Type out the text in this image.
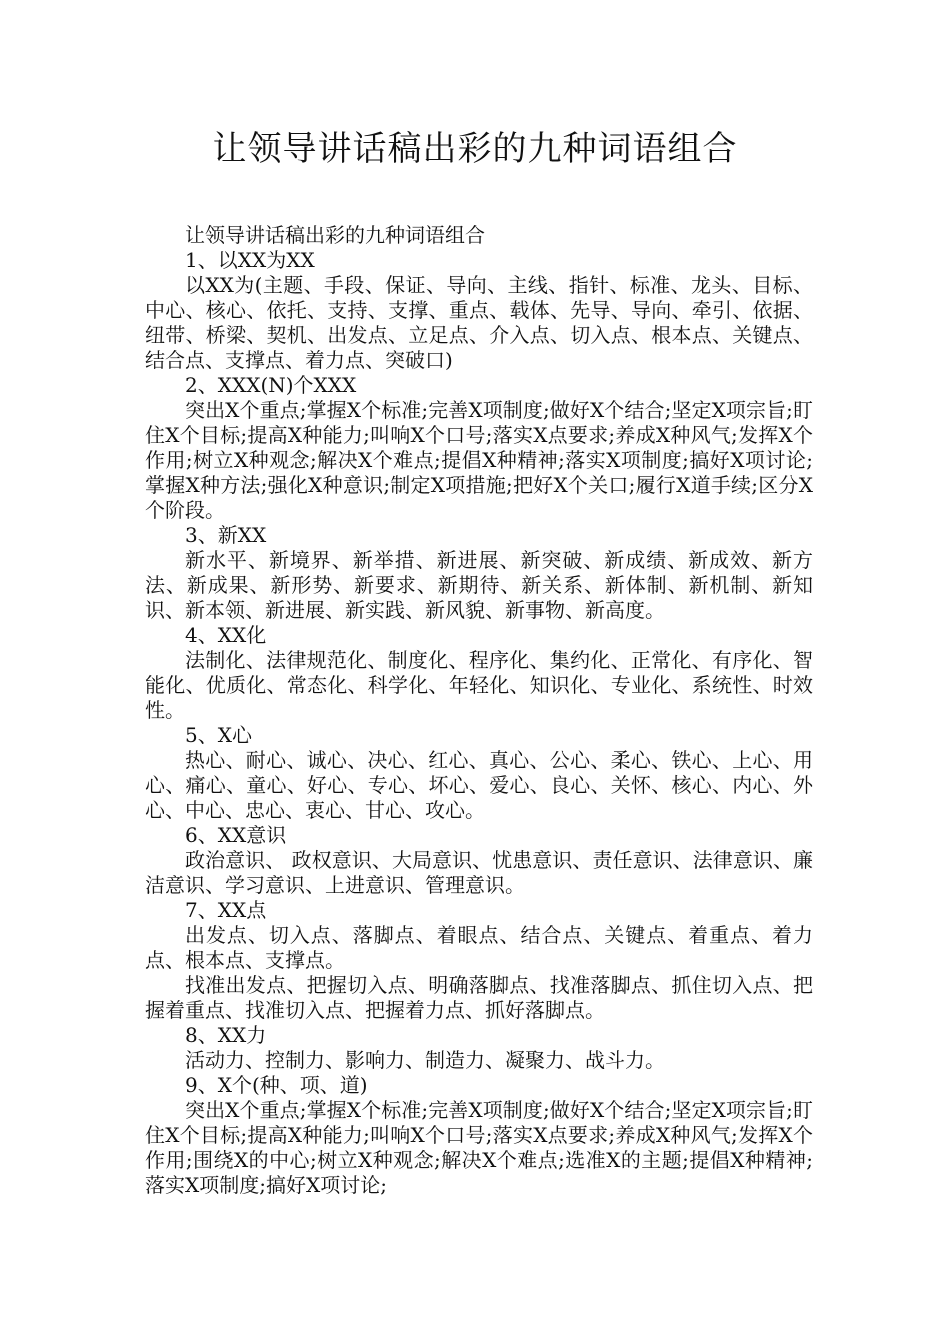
让领导讲话稿出彩的九种词语组合

让领导讲话稿出彩的九种词语组合

1、以XX为XX

以XX为(主题、手段、保证、导向、主线、指针、标准、龙头、目标、中心、核心、依托、支持、支撑、重点、载体、先导、导向、牵引、依据、纽带、桥梁、契机、出发点、立足点、介入点、切入点、根本点、关键点、结合点、支撑点、着力点、突破口)

2、XXX(N)个XXX

突出X个重点;掌握X个标准;完善X项制度;做好X个结合;坚定X项宗旨;盯住X个目标;提高X种能力;叫响X个口号;落实X点要求;养成X种风气;发挥X个作用;树立X种观念;解决X个难点;提倡X种精神;落实X项制度;搞好X项讨论;掌握X种方法;强化X种意识;制定X项措施;把好X个关口;履行X道手续;区分X个阶段。

3、新XX

新水平、新境界、新举措、新进展、新突破、新成绩、新成效、新方法、新成果、新形势、新要求、新期待、新关系、新体制、新机制、新知识、新本领、新进展、新实践、新风貌、新事物、新高度。

4、XX化

法制化、法律规范化、制度化、程序化、集约化、正常化、有序化、智能化、优质化、常态化、科学化、年轻化、知识化、专业化、系统性、时效性。

5、X心

热心、耐心、诚心、决心、红心、真心、公心、柔心、铁心、上心、用心、痛心、童心、好心、专心、坏心、爱心、良心、关怀、核心、内心、外心、中心、忠心、衷心、甘心、攻心。

6、XX意识

政治意识、 政权意识、大局意识、忧患意识、责任意识、法律意识、廉洁意识、学习意识、上进意识、管理意识。

7、XX点

出发点、切入点、落脚点、着眼点、结合点、关键点、着重点、着力点、根本点、支撑点。

找准出发点、把握切入点、明确落脚点、找准落脚点、抓住切入点、把握着重点、找准切入点、把握着力点、抓好落脚点。

8、XX力

活动力、控制力、影响力、制造力、凝聚力、战斗力。

9、X个(种、项、道)

突出X个重点;掌握X个标准;完善X项制度;做好X个结合;坚定X项宗旨;盯住X个目标;提高X种能力;叫响X个口号;落实X点要求;养成X种风气;发挥X个作用;围绕X的中心;树立X种观念;解决X个难点;选准X的主题;提倡X种精神;落实X项制度;搞好X项讨论;
